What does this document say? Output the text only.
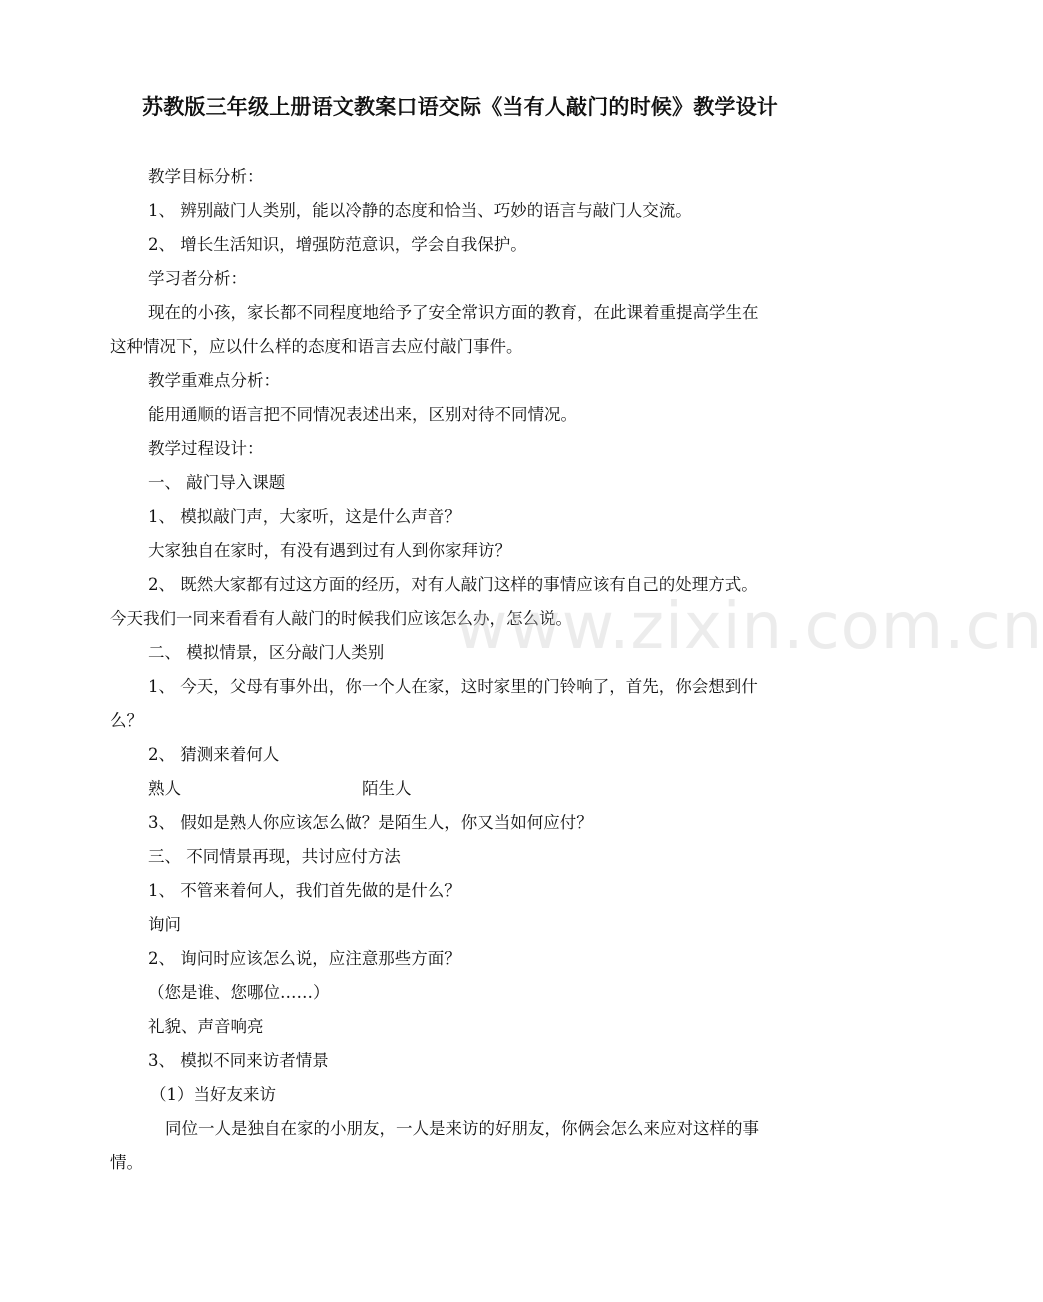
苏教版三年级上册语文教案口语交际《当有人敲门的时候》教学设计
教学目标分析：
1、 辨别敲门人类别，能以冷静的态度和恰当、巧妙的语言与敲门人交流。
2、 增长生活知识，增强防范意识，学会自我保护。
学习者分析：
现在的小孩，家长都不同程度地给予了安全常识方面的教育，在此课着重提高学生在
这种情况下，应以什么样的态度和语言去应付敲门事件。
教学重难点分析：
能用通顺的语言把不同情况表述出来，区别对待不同情况。
教学过程设计：
一、 敲门导入课题
1、 模拟敲门声，大家听，这是什么声音？
大家独自在家时，有没有遇到过有人到你家拜访？
2、 既然大家都有过这方面的经历，对有人敲门这样的事情应该有自己的处理方式。
今天我们一同来看看有人敲门的时候我们应该怎么办，怎么说。
二、 模拟情景，区分敲门人类别
1、 今天，父母有事外出，你一个人在家，这时家里的门铃响了，首先，你会想到什
么？
2、 猜测来着何人
熟人	陌生人
3、 假如是熟人你应该怎么做？是陌生人，你又当如何应付？
三、 不同情景再现，共讨应付方法
1、 不管来着何人，我们首先做的是什么？
询问
2、 询问时应该怎么说，应注意那些方面？
（您是谁、您哪位……）
礼貌、声音响亮
3、 模拟不同来访者情景
（1）当好友来访
同位一人是独自在家的小朋友，一人是来访的好朋友，你俩会怎么来应对这样的事
情。
www.zixin.com.cn
